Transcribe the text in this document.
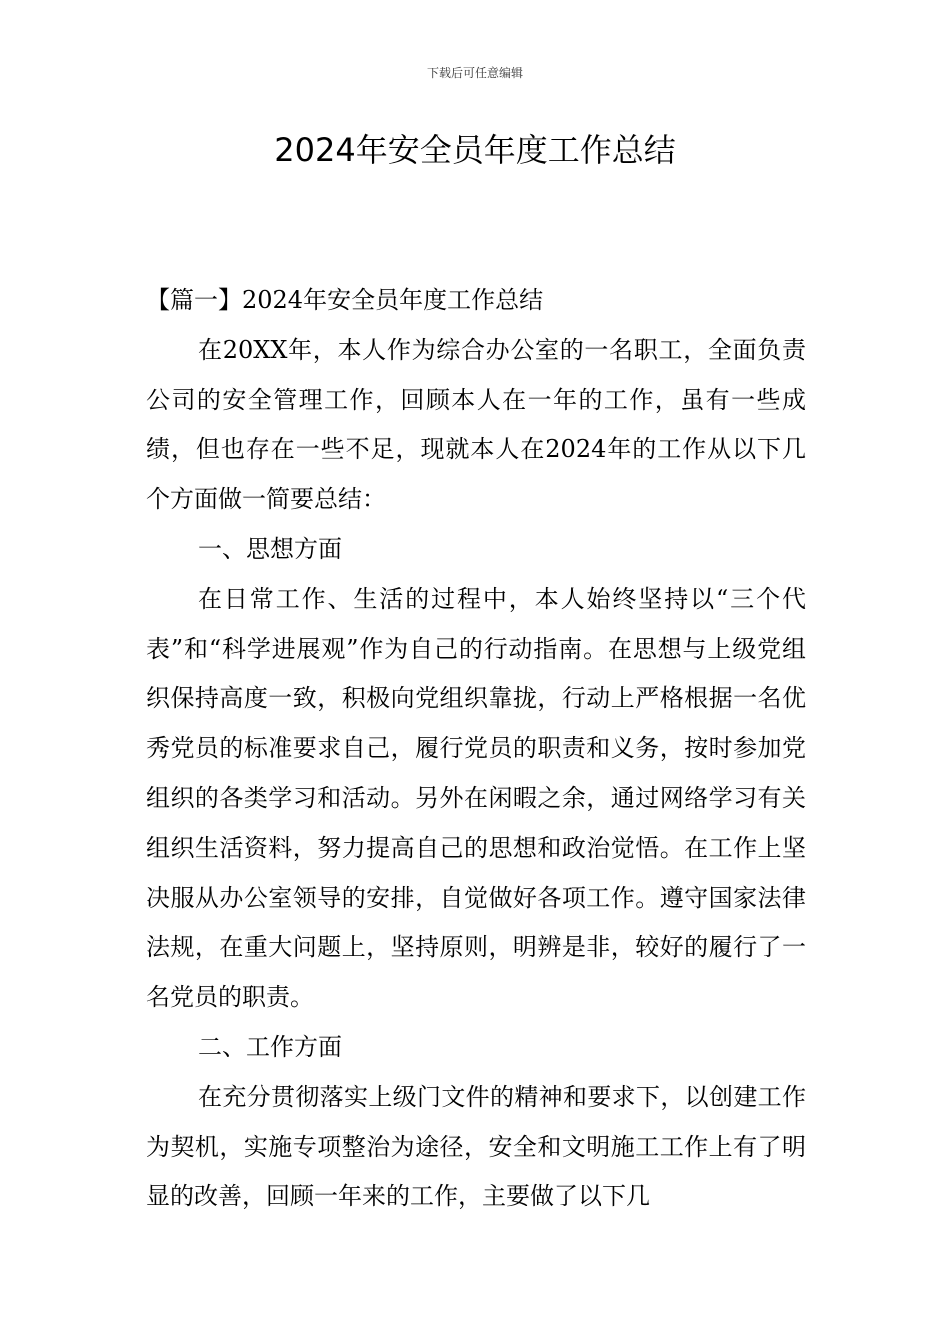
下载后可任意编辑
2024年安全员年度工作总结

【篇一】2024年安全员年度工作总结

在20XX年，本人作为综合办公室的一名职工，全面负责公司的安全管理工作，回顾本人在一年的工作，虽有一些成绩，但也存在一些不足，现就本人在2024年的工作从以下几个方面做一简要总结：

一、思想方面

在日常工作、生活的过程中，本人始终坚持以“三个代表”和“科学进展观”作为自己的行动指南。在思想与上级党组织保持高度一致，积极向党组织靠拢，行动上严格根据一名优秀党员的标准要求自己，履行党员的职责和义务，按时参加党组织的各类学习和活动。另外在闲暇之余，通过网络学习有关组织生活资料，努力提高自己的思想和政治觉悟。在工作上坚决服从办公室领导的安排，自觉做好各项工作。遵守国家法律法规，在重大问题上，坚持原则，明辨是非，较好的履行了一名党员的职责。

二、工作方面

在充分贯彻落实上级门文件的精神和要求下，以创建工作为契机，实施专项整治为途径，安全和文明施工工作上有了明显的改善，回顾一年来的工作，主要做了以下几
